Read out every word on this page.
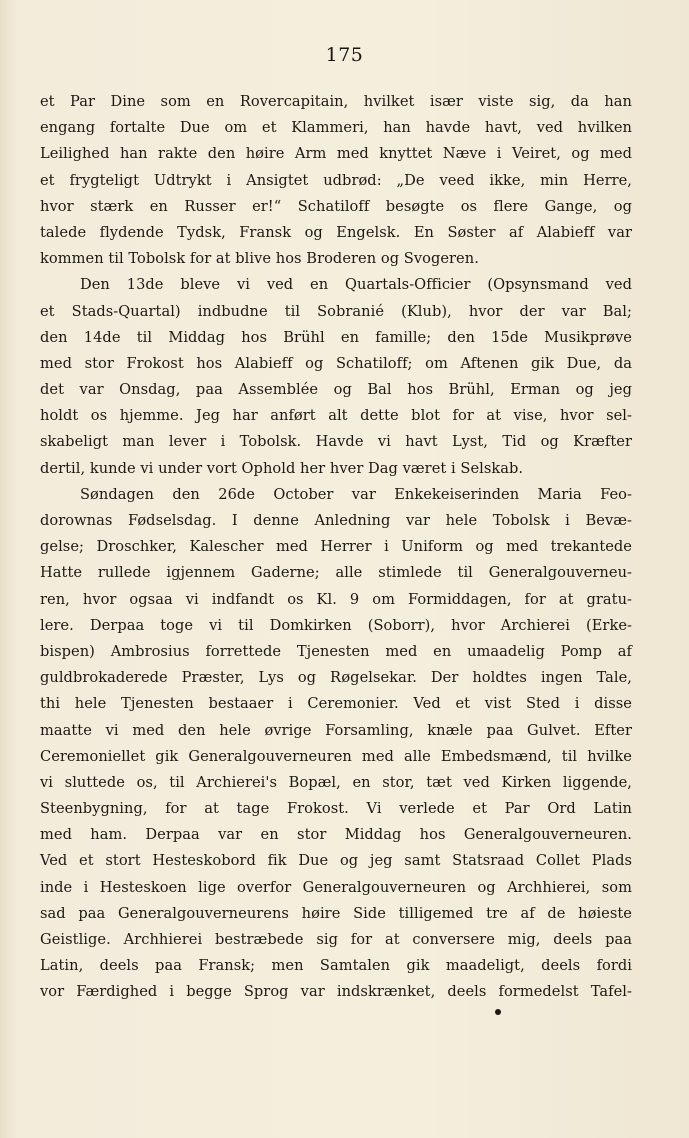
175
et Par Dine som en Rovercapitain, hvilket især viste sig, da han
engang fortalte Due om et Klammeri, han havde havt, ved hvilken
Leilighed han rakte den høire Arm med knyttet Næve i Veiret, og med
et frygteligt Udtrykt i Ansigtet udbrød: „De veed ikke, min Herre,
hvor stærk en Russer er!“ Schatiloff besøgte os flere Gange, og
talede flydende Tydsk, Fransk og Engelsk. En Søster af Alabieff var
kommen til Tobolsk for at blive hos Broderen og Svogeren.
Den 13de bleve vi ved en Quartals-Officier (Opsynsmand ved
et Stads-Quartal) indbudne til Sobranié (Klub), hvor der var Bal;
den 14de til Middag hos Brühl en famille; den 15de Musikprøve
med stor Frokost hos Alabieff og Schatiloff; om Aftenen gik Due, da
det var Onsdag, paa Assemblée og Bal hos Brühl, Erman og jeg
holdt os hjemme. Jeg har anført alt dette blot for at vise, hvor sel-
skabeligt man lever i Tobolsk. Havde vi havt Lyst, Tid og Kræfter
dertil, kunde vi under vort Ophold her hver Dag været i Selskab.
Søndagen den 26de October var Enkekeiserinden Maria Feo-
dorownas Fødselsdag. I denne Anledning var hele Tobolsk i Bevæ-
gelse; Droschker, Kalescher med Herrer i Uniform og med trekantede
Hatte rullede igjennem Gaderne; alle stimlede til Generalgouverneu-
ren, hvor ogsaa vi indfandt os Kl. 9 om Formiddagen, for at gratu-
lere. Derpaa toge vi til Domkirken (Soborr), hvor Archierei (Erke-
bispen) Ambrosius forrettede Tjenesten med en umaadelig Pomp af
guldbrokaderede Præster, Lys og Røgelsekar. Der holdtes ingen Tale,
thi hele Tjenesten bestaaer i Ceremonier. Ved et vist Sted i disse
maatte vi med den hele øvrige Forsamling, knæle paa Gulvet. Efter
Ceremoniellet gik Generalgouverneuren med alle Embedsmænd, til hvilke
vi sluttede os, til Archierei's Bopæl, en stor, tæt ved Kirken liggende,
Steenbygning, for at tage Frokost. Vi verlede et Par Ord Latin
med ham. Derpaa var en stor Middag hos Generalgouverneuren.
Ved et stort Hesteskobord fik Due og jeg samt Statsraad Collet Plads
inde i Hesteskoen lige overfor Generalgouverneuren og Archhierei, som
sad paa Generalgouverneurens høire Side tilligemed tre af de høieste
Geistlige. Archhierei bestræbede sig for at conversere mig, deels paa
Latin, deels paa Fransk; men Samtalen gik maadeligt, deels fordi
vor Færdighed i begge Sprog var indskrænket, deels formedelst Tafel-
